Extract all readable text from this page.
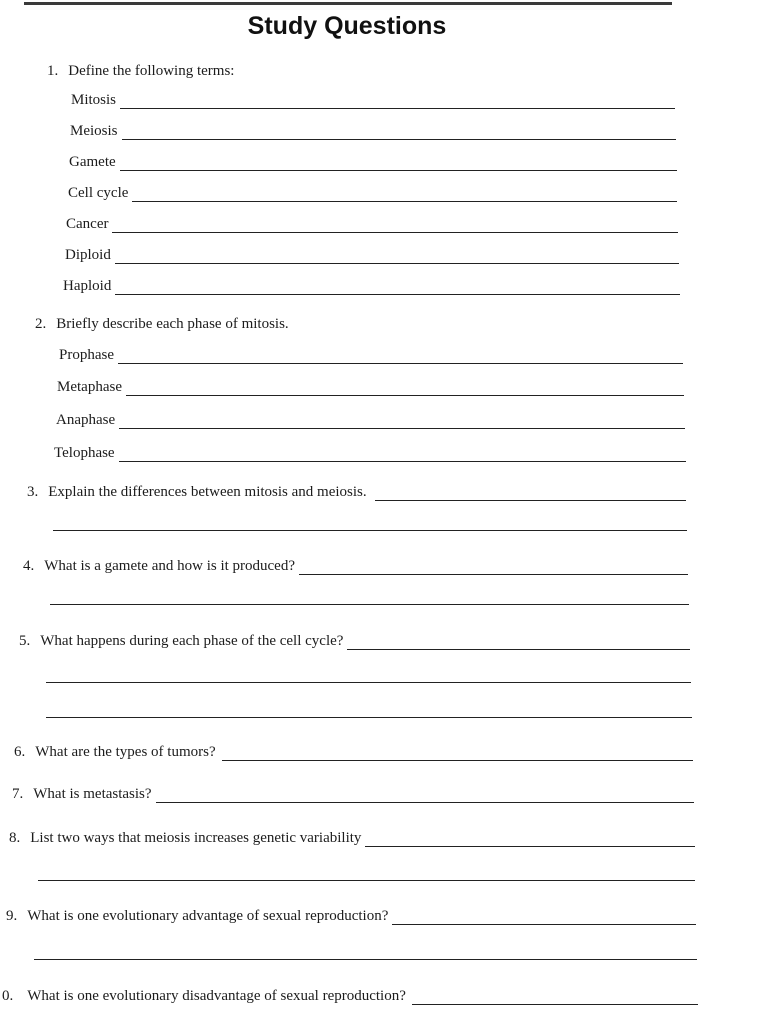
Study Questions
1. Define the following terms:
Mitosis
Meiosis
Gamete
Cell cycle
Cancer
Diploid
Haploid
2. Briefly describe each phase of mitosis.
Prophase
Metaphase
Anaphase
Telophase
3. Explain the differences between mitosis and meiosis.
4. What is a gamete and how is it produced?
5. What happens during each phase of the cell cycle?
6. What are the types of tumors?
7. What is metastasis?
8. List two ways that meiosis increases genetic variability
9. What is one evolutionary advantage of sexual reproduction?
0. What is one evolutionary disadvantage of sexual reproduction?
